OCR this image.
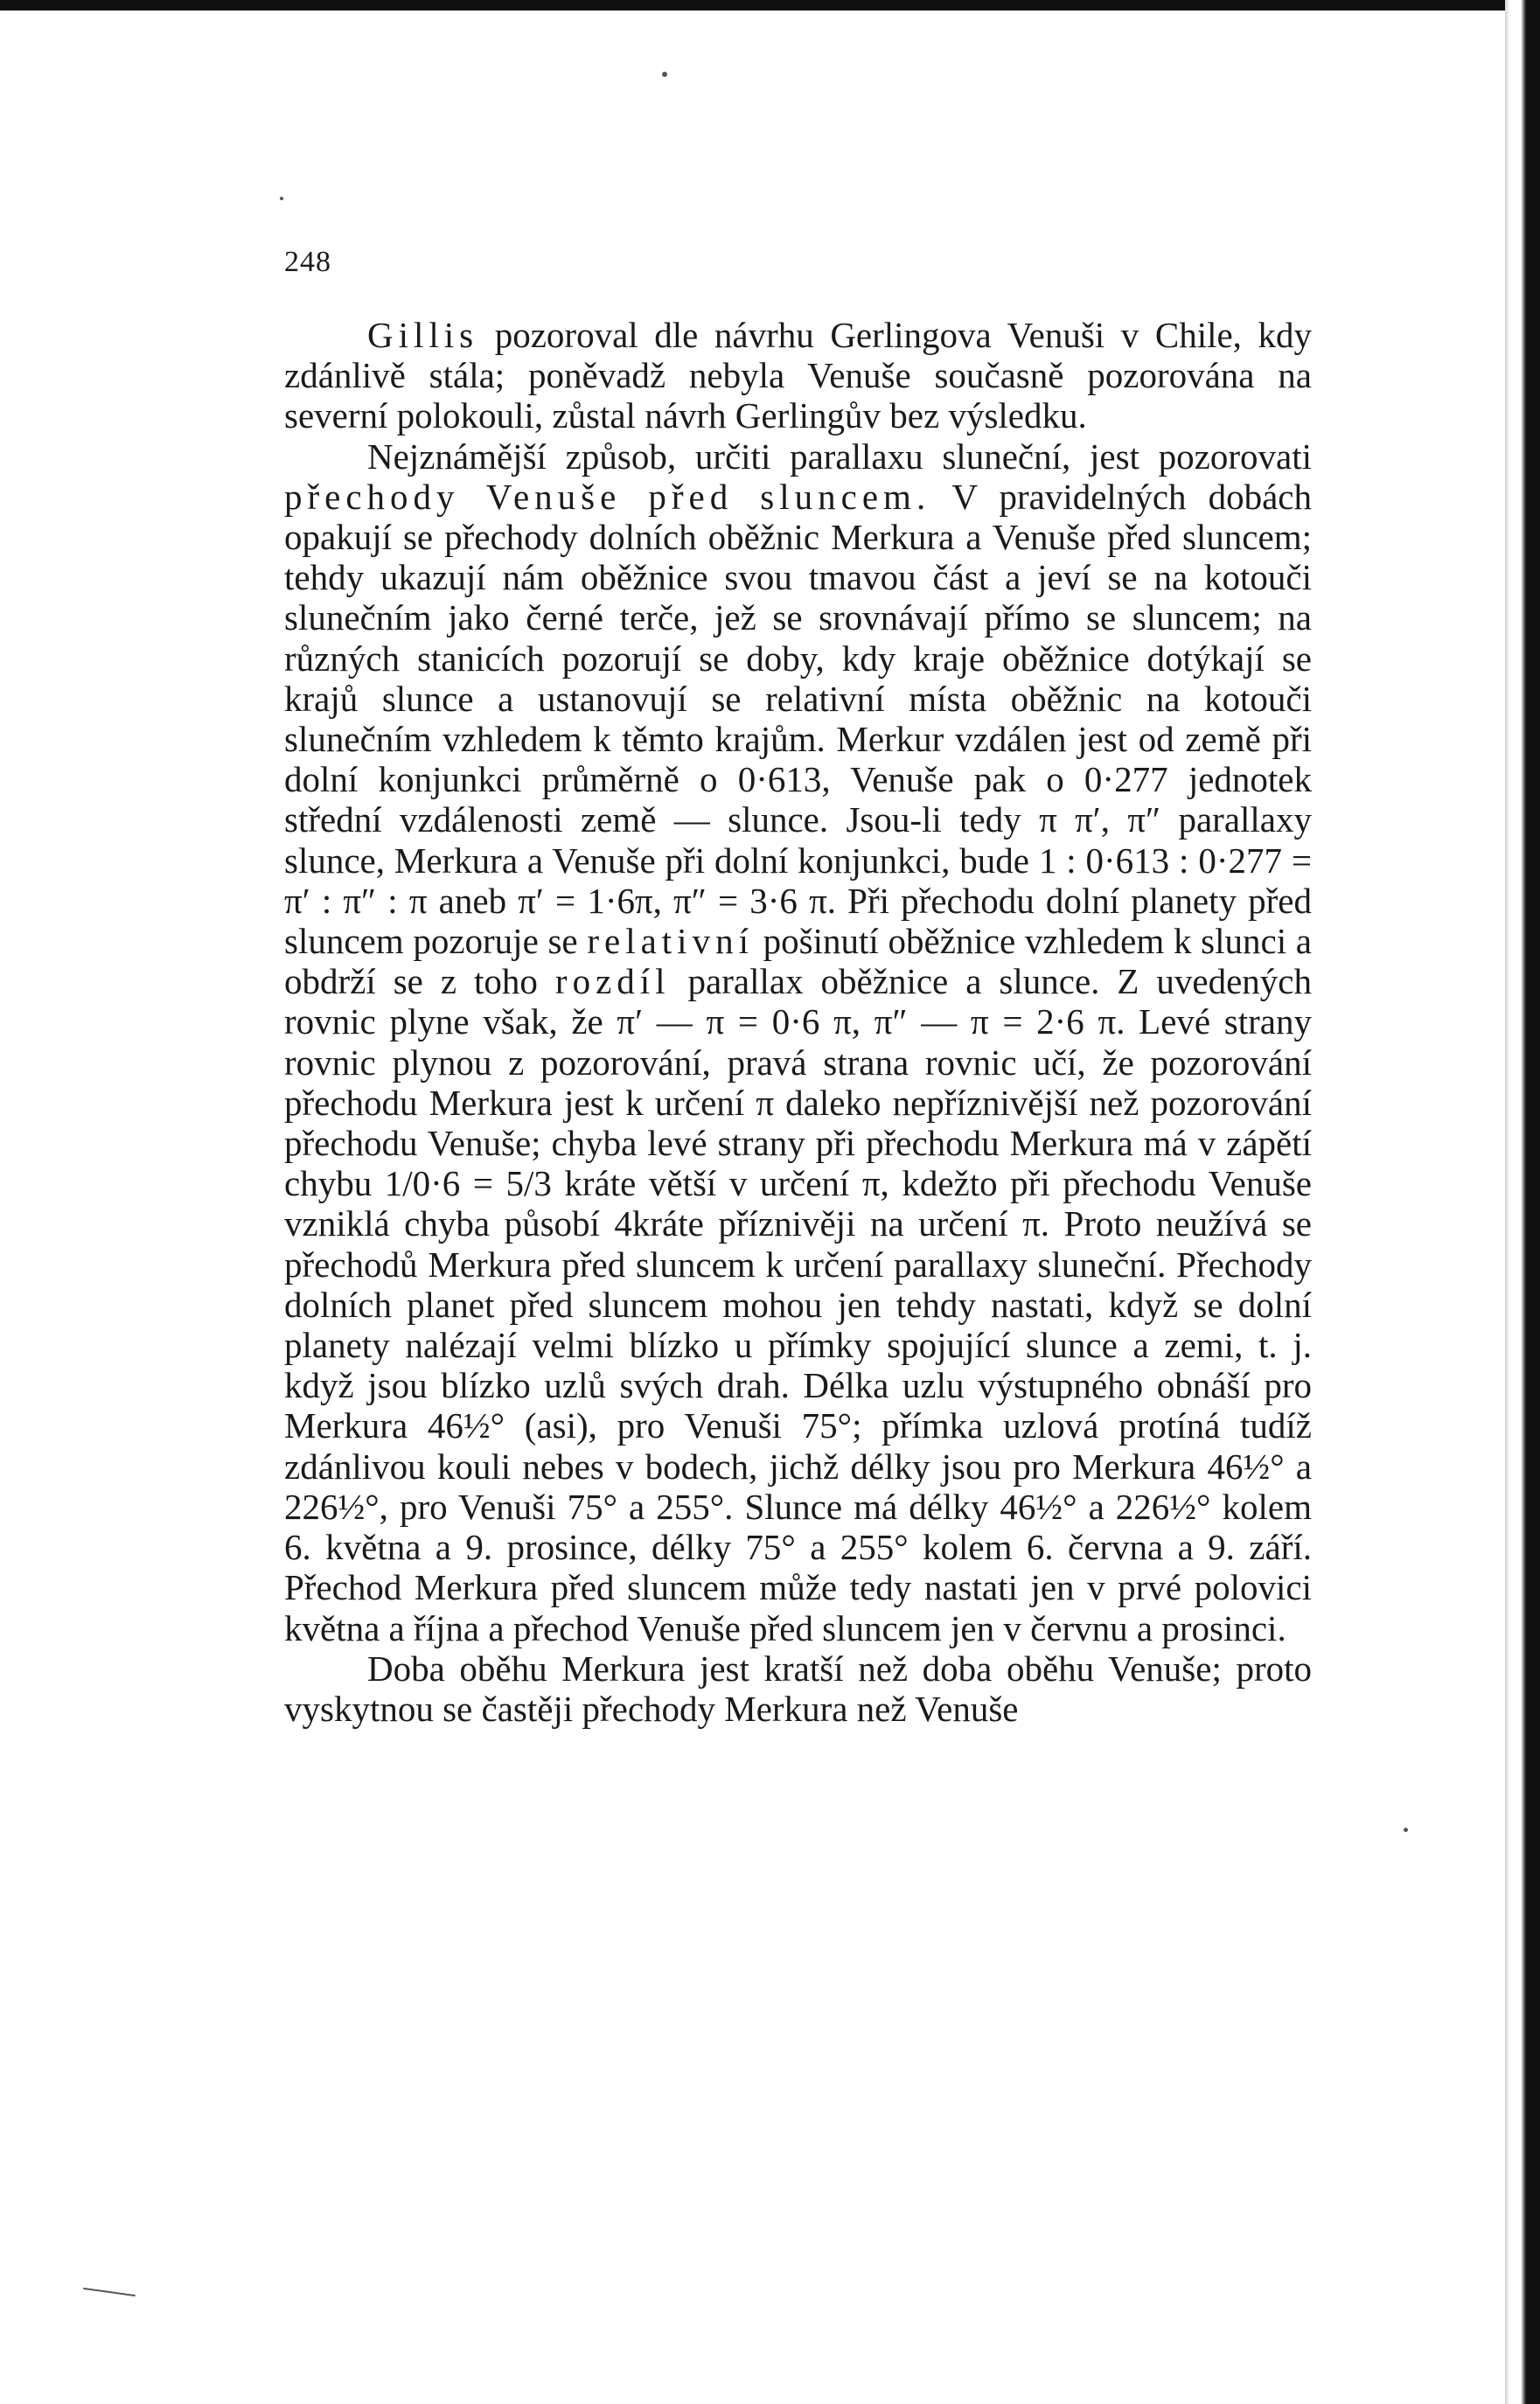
248

Gillis pozoroval dle návrhu Gerlingova Venuši v Chile, kdy zdánlivě stála; poněvadž nebyla Venuše současně pozorována na severní polokouli, zůstal návrh Gerlingův bez výsledku.

Nejznámější způsob, určiti parallaxu sluneční, jest pozorovati přechody Venuše před sluncem. V pravidelných dobách opakují se přechody dolních oběžnic Merkura a Venuše před sluncem; tehdy ukazují nám oběžnice svou tmavou část a jeví se na kotouči slunečním jako černé terče, jež se srovnávají přímo se sluncem; na různých stanicích pozorují se doby, kdy kraje oběžnice dotýkají se krajů slunce a ustanovují se relativní místa oběžnic na kotouči slunečním vzhledem k těmto krajům. Merkur vzdálen jest od země při dolní konjunkci průměrně o 0·613, Venuše pak o 0·277 jednotek střední vzdálenosti země — slunce. Jsou-li tedy π π′, π″ parallaxy slunce, Merkura a Venuše při dolní konjunkci, bude 1 : 0·613 : 0·277 = π′ : π″ : π aneb π′ = 1·6π, π″ = 3·6 π. Při přechodu dolní planety před sluncem pozoruje se relativní pošinutí oběžnice vzhledem k slunci a obdrží se z toho rozdíl parallax oběžnice a slunce. Z uvedených rovnic plyne však, že π′ — π = 0·6 π, π″ — π = 2·6 π. Levé strany rovnic plynou z pozorování, pravá strana rovnic učí, že pozorování přechodu Merkura jest k určení π daleko nepříznivější než pozorování přechodu Venuše; chyba levé strany při přechodu Merkura má v zápětí chybu 1/0·6 = 5/3 kráte větší v určení π, kdežto při přechodu Venuše vzniklá chyba působí 4kráte příznivěji na určení π. Proto neužívá se přechodů Merkura před sluncem k určení parallaxy sluneční. Přechody dolních planet před sluncem mohou jen tehdy nastati, když se dolní planety nalézají velmi blízko u přímky spojující slunce a zemi, t. j. když jsou blízko uzlů svých drah. Délka uzlu výstupného obnáší pro Merkura 46½° (asi), pro Venuši 75°; přímka uzlová protíná tudíž zdánlivou kouli nebes v bodech, jichž délky jsou pro Merkura 46½° a 226½°, pro Venuši 75° a 255°. Slunce má délky 46½° a 226½° kolem 6. května a 9. prosince, délky 75° a 255° kolem 6. června a 9. září. Přechod Merkura před sluncem může tedy nastati jen v prvé polovici května a října a přechod Venuše před sluncem jen v červnu a prosinci.

Doba oběhu Merkura jest kratší než doba oběhu Venuše; proto vyskytnou se častěji přechody Merkura než Venuše
